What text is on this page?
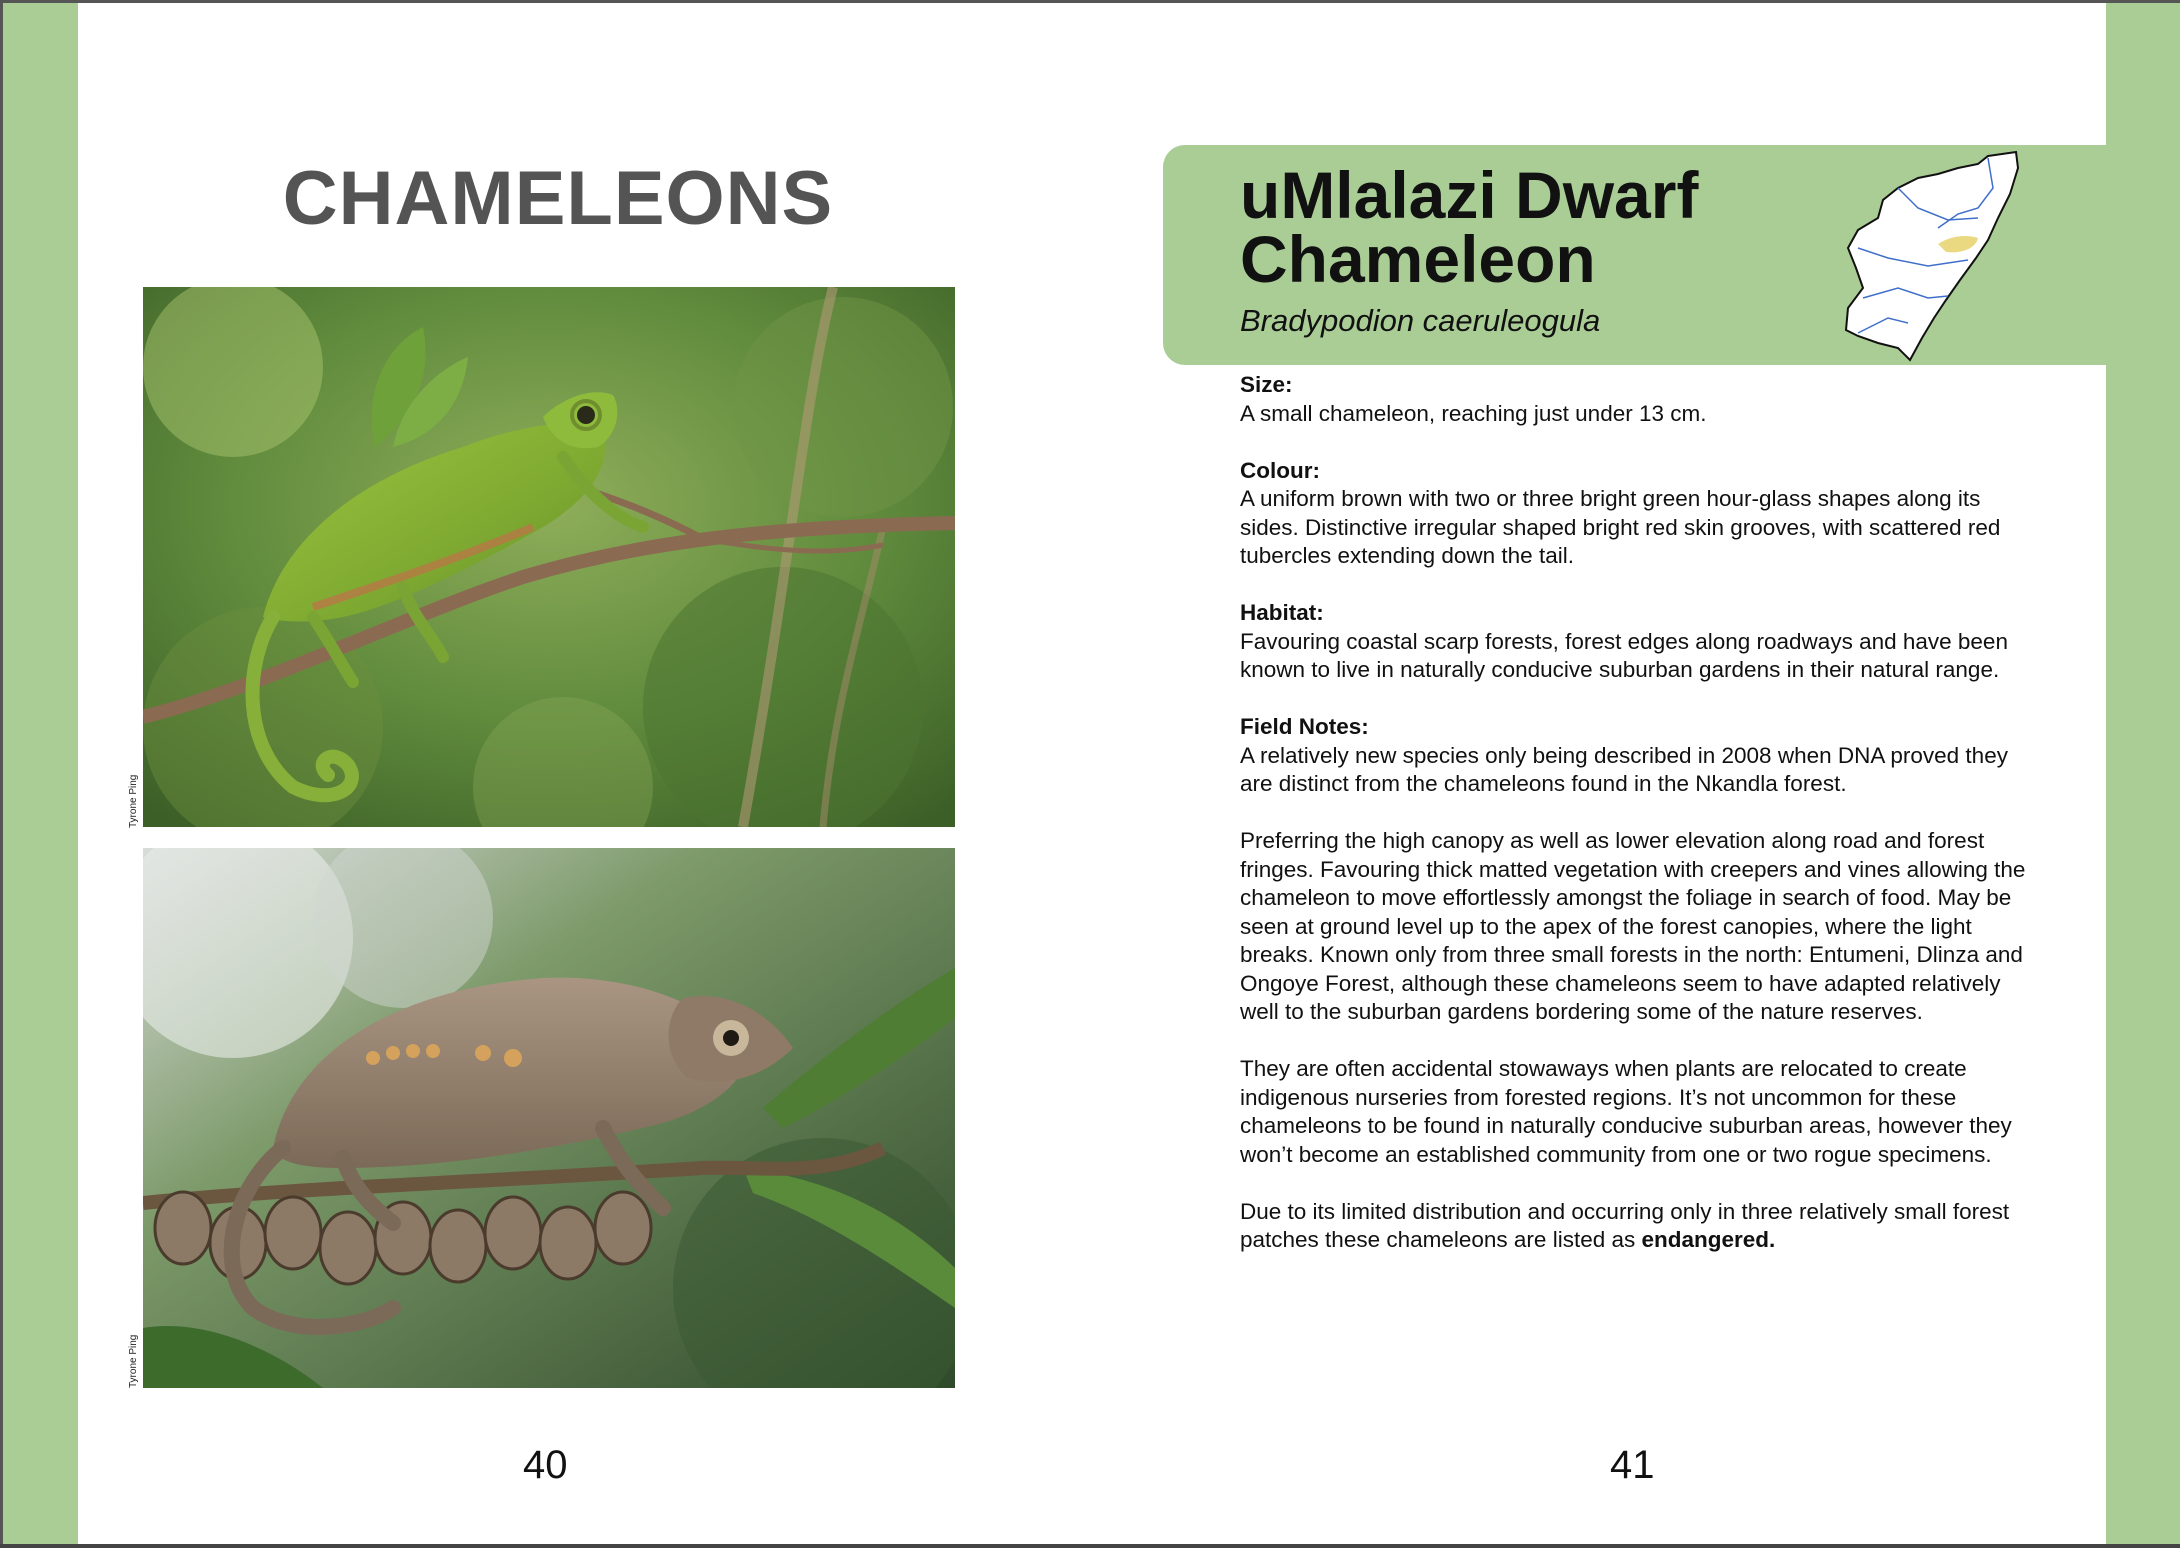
CHAMELEONS
Tyrone Ping
Tyrone Ping
40
uMlalazi Dwarf
Chameleon
Bradypodion caeruleogula

Size:

A small chameleon, reaching just under 13 cm.

Colour:

A uniform brown with two or three bright green hour-glass shapes along its sides. Distinctive irregular shaped bright red skin grooves, with scattered red tubercles extending down the tail.

Habitat:

Favouring coastal scarp forests, forest edges along roadways and have been known to live in naturally conducive suburban gardens in their natural range.

Field Notes:

A relatively new species only being described in 2008 when DNA proved they are distinct from the chameleons found in the Nkandla forest.

Preferring the high canopy as well as lower elevation along road and forest fringes. Favouring thick matted vegetation with creepers and vines allowing the chameleon to move effortlessly amongst the foliage in search of food. May be seen at ground level up to the apex of the forest canopies, where the light breaks. Known only from three small forests in the north: Entumeni, Dlinza and Ongoye Forest, although these chameleons seem to have adapted relatively well to the suburban gardens bordering some of the nature reserves.

They are often accidental stowaways when plants are relocated to create indigenous nurseries from forested regions. It’s not uncommon for these chameleons to be found in naturally conducive suburban areas, however they won’t become an established community from one or two rogue specimens.

Due to its limited distribution and occurring only in three relatively small forest patches these chameleons are listed as endangered.

41
